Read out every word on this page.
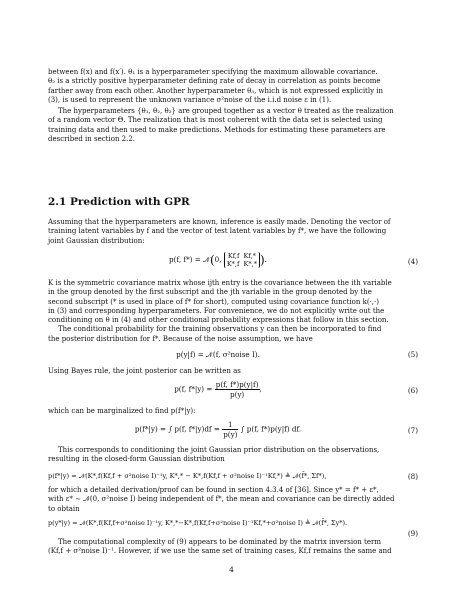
between f(x) and f(x′). θ₁ is a hyperparameter specifying the maximum allowable covariance.

θ₂ is a strictly positive hyperparameter defining rate of decay in correlation as points become

farther away from each other. Another hyperparameter θ₃, which is not expressed explicitly in

(3), is used to represent the unknown variance σ²noise of the i.i.d noise ε in (1).

The hyperparameters {θ₁, θ₂, θ₃} are grouped together as a vector θ treated as the realization

of a random vector Θ. The realization that is most coherent with the data set is selected using

training data and then used to make predictions. Methods for estimating these parameters are

described in section 2.2.

2.1 Prediction with GPR

Assuming that the hyperparameters are known, inference is easily made. Denoting the vector of

training latent variables by f and the vector of test latent variables by f*, we have the following

joint Gaussian distribution:

p(f, f*) = 𝒩(0, Kf,f Kf,*
K*,f K*,* ).	(4)

K is the symmetric covariance matrix whose ijth entry is the covariance between the ith variable

in the group denoted by the first subscript and the jth variable in the group denoted by the

second subscript (* is used in place of f* for short), computed using covariance function k(·,·)

in (3) and corresponding hyperparameters. For convenience, we do not explicitly write out the

conditioning on θ in (4) and other conditional probability expressions that follow in this section.

The conditional probability for the training observations y can then be incorporated to find

the posterior distribution for f*. Because of the noise assumption, we have

p(y|f) = 𝒩(f, σ²noise I).	(5)

Using Bayes rule, the joint posterior can be written as

p(f, $f*|y) = \frac{p(f, f*)p(y|f)}{p(y)}$ ,	(6)

which can be marginalized to find p(f*|y):

p(f*|y) = ∫ p(f, $f*|y)df = \frac{1}{p(y)}$ ∫ p(f, f*)p(y|f) df.	(7)

This corresponds to conditioning the joint Gaussian prior distribution on the observations,

resulting in the closed-form Gaussian distribution

p(f*|y) = 𝒩(K*,f(Kf,f + σ²noise I)⁻¹y, K*,* − K*,f(Kf,f + σ²noise I)⁻¹Kf,*) ≜ 𝒩(f̄*, Σf*),	(8)

for which a detailed derivation/proof can be found in section 4.3.4 of [36]. Since y* = f* + ε*,

with ε* ∼ 𝒩(0, σ²noise I) being independent of f*, the mean and covariance can be directly added

to obtain

p(y*|y) = 𝒩(K*,f(Kf,f+σ²noise I)⁻¹y, K*,*−K*,f(Kf,f+σ²noise I)⁻¹Kf,*+σ²noise I) ≜ 𝒩(f̄*, Σy*).
(9)

The computational complexity of (9) appears to be dominated by the matrix inversion term

(Kf,f + σ²noise I)⁻¹. However, if we use the same set of training cases, Kf,f remains the same and

4
